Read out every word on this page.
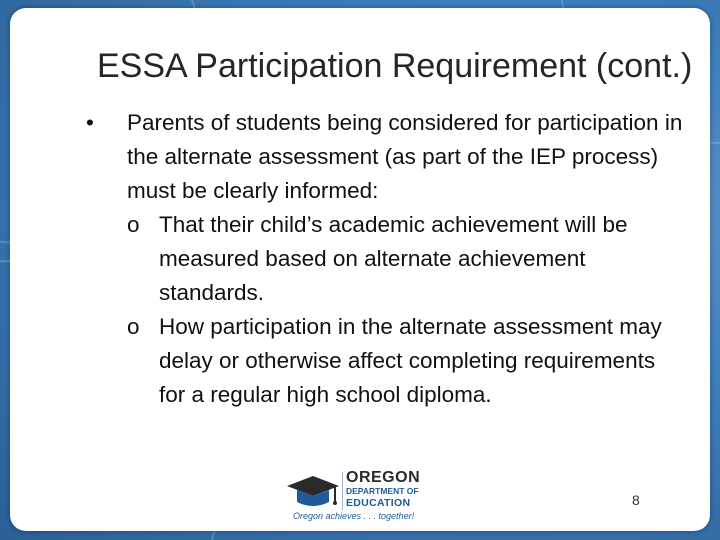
ESSA Participation Requirement (cont.)
•	Parents of students being considered for participation in the alternate assessment (as part of the IEP process) must be clearly informed:
o That their child’s academic achievement will be measured based on alternate achievement standards.
o How participation in the alternate assessment may delay or otherwise affect completing requirements for a regular high school diploma.
OREGON
DEPARTMENT OF
EDUCATION
Oregon achieves . . . together!
8
